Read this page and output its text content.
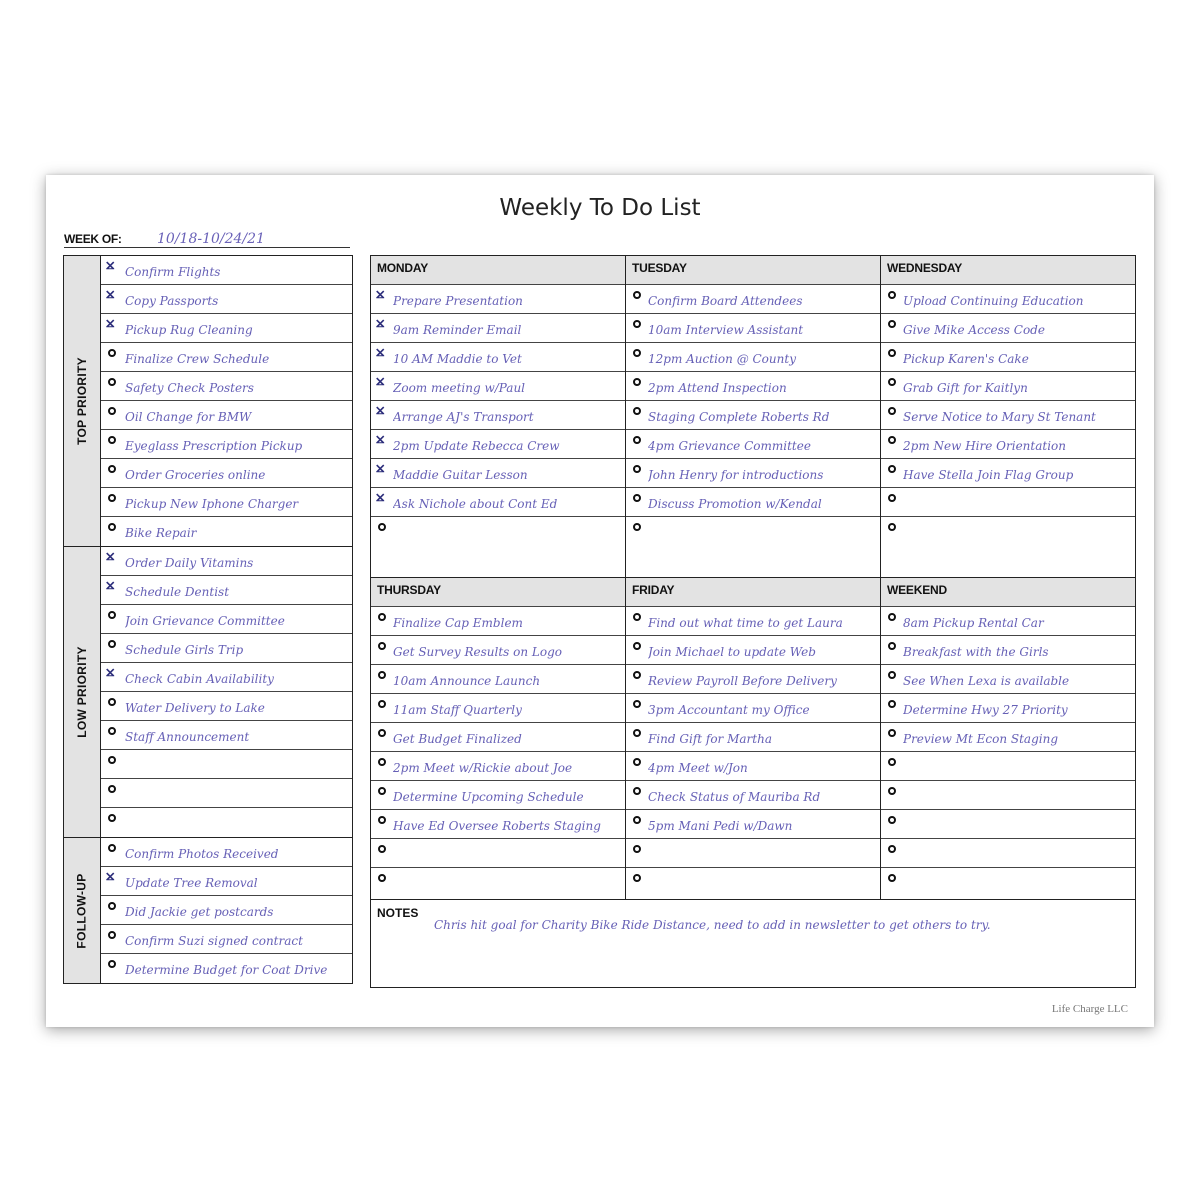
Weekly To Do List
WEEK OF:	10/18-10/24/21
TOP PRIORITY
⨲ Confirm Flights
⨲ Copy Passports
⨲ Pickup Rug Cleaning
Finalize Crew Schedule
Safety Check Posters
Oil Change for BMW
Eyeglass Prescription Pickup
Order Groceries online
Pickup New Iphone Charger
Bike Repair
LOW PRIORITY
⨲ Order Daily Vitamins
⨲ Schedule Dentist
Join Grievance Committee
Schedule Girls Trip
⨲ Check Cabin Availability
Water Delivery to Lake
Staff Announcement
FOLLOW-UP
Confirm Photos Received
⨲ Update Tree Removal
Did Jackie get postcards
Confirm Suzi signed contract
Determine Budget for Coat Drive
MONDAY
⨲ Prepare Presentation
⨲ 9am Reminder Email
⨲ 10 AM Maddie to Vet
⨲ Zoom meeting w/Paul
⨲ Arrange AJ's Transport
⨲ 2pm Update Rebecca Crew
⨲ Maddie Guitar Lesson
⨲ Ask Nichole about Cont Ed
TUESDAY
Confirm Board Attendees
10am Interview Assistant
12pm Auction @ County
2pm Attend Inspection
Staging Complete Roberts Rd
4pm Grievance Committee
John Henry for introductions
Discuss Promotion w/Kendal
WEDNESDAY
Upload Continuing Education
Give Mike Access Code
Pickup Karen's Cake
Grab Gift for Kaitlyn
Serve Notice to Mary St Tenant
2pm New Hire Orientation
Have Stella Join Flag Group
THURSDAY
Finalize Cap Emblem
Get Survey Results on Logo
10am Announce Launch
11am Staff Quarterly
Get Budget Finalized
2pm Meet w/Rickie about Joe
Determine Upcoming Schedule
Have Ed Oversee Roberts Staging
FRIDAY
Find out what time to get Laura
Join Michael to update Web
Review Payroll Before Delivery
3pm Accountant my Office
Find Gift for Martha
4pm Meet w/Jon
Check Status of Mauriba Rd
5pm Mani Pedi w/Dawn
WEEKEND
8am Pickup Rental Car
Breakfast with the Girls
See When Lexa is available
Determine Hwy 27 Priority
Preview Mt Econ Staging
NOTES
Chris hit goal for Charity Bike Ride Distance, need to add in newsletter to get others to try.
Life Charge LLC
